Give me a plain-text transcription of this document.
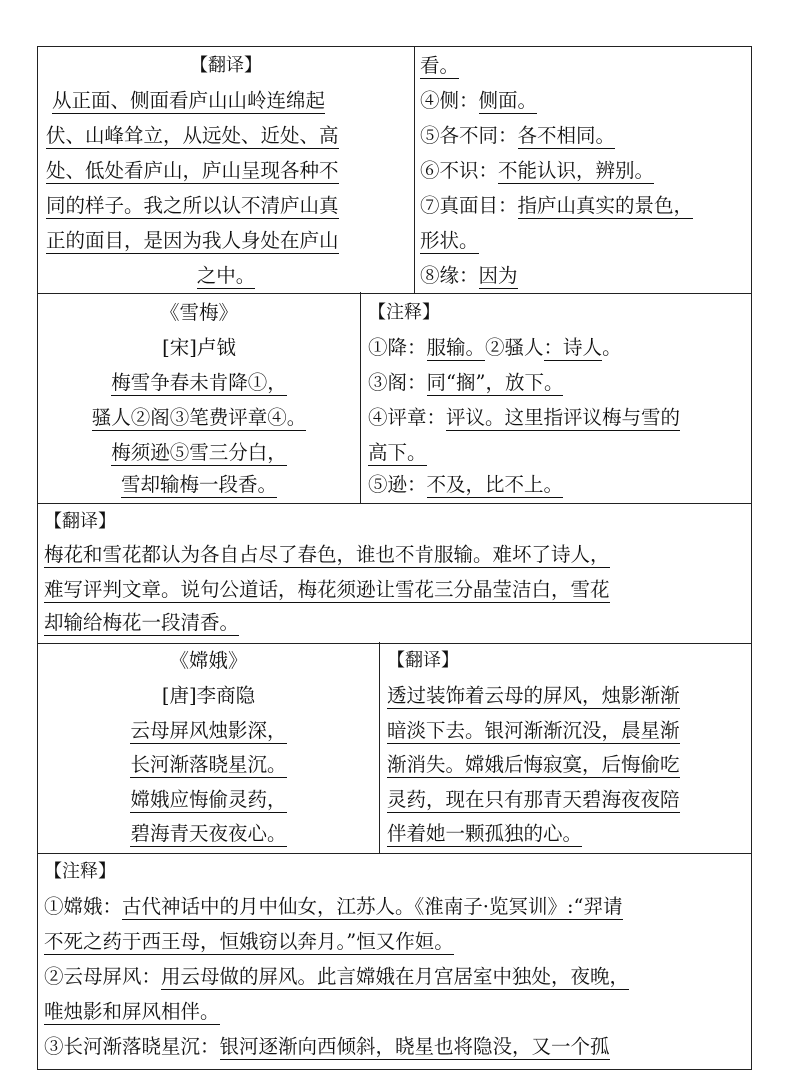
【翻译】
从正面、侧面看庐山山岭连绵起
伏、山峰耸立，从远处、近处、高
处、低处看庐山，庐山呈现各种不
同的样子。我之所以认不清庐山真
正的面目，是因为我人身处在庐山
之中。
看。
④侧：侧面。
⑤各不同：各不相同。
⑥不识：不能认识，辨别。
⑦真面目：指庐山真实的景色，
形状。
⑧缘：因为
《雪梅》
[宋]卢钺
梅雪争春未肯降①，
骚人②阁③笔费评章④。
梅须逊⑤雪三分白，
雪却输梅一段香。
【注释】
①降：服输。②骚人：诗人。
③阁：同“搁”，放下。
④评章：评议。这里指评议梅与雪的
高下。
⑤逊：不及，比不上。
【翻译】
梅花和雪花都认为各自占尽了春色，谁也不肯服输。难坏了诗人，
难写评判文章。说句公道话，梅花须逊让雪花三分晶莹洁白，雪花
却输给梅花一段清香。
《嫦娥》
[唐]李商隐
云母屏风烛影深，
长河渐落晓星沉。
嫦娥应悔偷灵药，
碧海青天夜夜心。
【翻译】
透过装饰着云母的屏风，烛影渐渐
暗淡下去。银河渐渐沉没，晨星渐
渐消失。嫦娥后悔寂寞，后悔偷吃
灵药，现在只有那青天碧海夜夜陪
伴着她一颗孤独的心。
【注释】
①嫦娥：古代神话中的月中仙女，江苏人。《淮南子·览冥训》:“羿请
不死之药于西王母，恒娥窃以奔月。”恒又作姮。
②云母屏风：用云母做的屏风。此言嫦娥在月宫居室中独处，夜晚，
唯烛影和屏风相伴。
③长河渐落晓星沉：银河逐渐向西倾斜，晓星也将隐没，又一个孤
